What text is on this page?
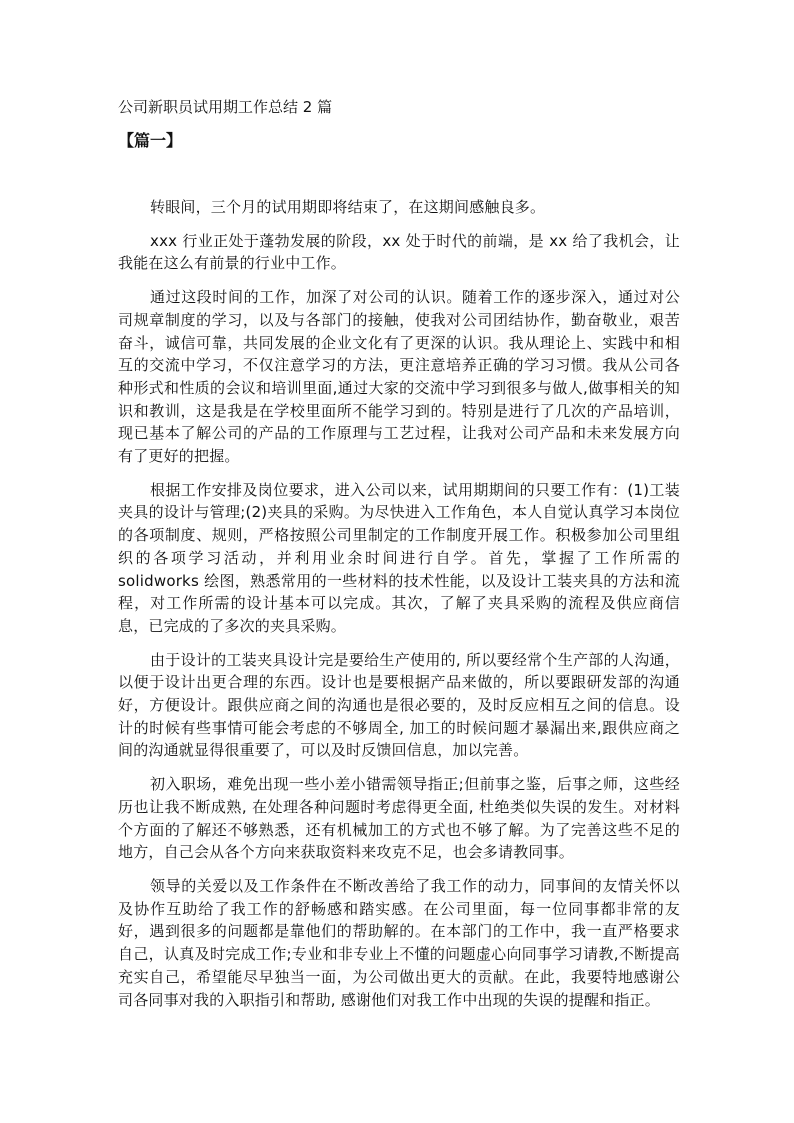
公司新职员试用期工作总结 2 篇
【篇一】

转眼间，三个月的试用期即将结束了，在这期间感触良多。

xxx 行业正处于蓬勃发展的阶段，xx 处于时代的前端，是 xx 给了我机会，让我能在这么有前景的行业中工作。

通过这段时间的工作，加深了对公司的认识。随着工作的逐步深入，通过对公司规章制度的学习，以及与各部门的接触，使我对公司团结协作，勤奋敬业，艰苦奋斗，诚信可靠，共同发展的企业文化有了更深的认识。我从理论上、实践中和相互的交流中学习，不仅注意学习的方法，更注意培养正确的学习习惯。我从公司各种形式和性质的会议和培训里面,通过大家的交流中学习到很多与做人,做事相关的知识和教训，这是我是在学校里面所不能学习到的。特别是进行了几次的产品培训，现已基本了解公司的产品的工作原理与工艺过程，让我对公司产品和未来发展方向有了更好的把握。

根据工作安排及岗位要求，进入公司以来，试用期期间的只要工作有：(1)工装夹具的设计与管理;(2)夹具的采购。为尽快进入工作角色，本人自觉认真学习本岗位的各项制度、规则，严格按照公司里制定的工作制度开展工作。积极参加公司里组织的各项学习活动，并利用业余时间进行自学。首先，掌握了工作所需的 solidworks 绘图，熟悉常用的一些材料的技术性能，以及设计工装夹具的方法和流程，对工作所需的设计基本可以完成。其次，了解了夹具采购的流程及供应商信息，已完成的了多次的夹具采购。

由于设计的工装夹具设计完是要给生产使用的, 所以要经常个生产部的人沟通，以便于设计出更合理的东西。设计也是要根据产品来做的，所以要跟研发部的沟通好，方便设计。跟供应商之间的沟通也是很必要的，及时反应相互之间的信息。设计的时候有些事情可能会考虑的不够周全, 加工的时候问题才暴漏出来,跟供应商之间的沟通就显得很重要了，可以及时反馈回信息，加以完善。

初入职场，难免出现一些小差小错需领导指正;但前事之鉴，后事之师，这些经历也让我不断成熟, 在处理各种问题时考虑得更全面, 杜绝类似失误的发生。对材料个方面的了解还不够熟悉，还有机械加工的方式也不够了解。为了完善这些不足的地方，自己会从各个方向来获取资料来攻克不足，也会多请教同事。

领导的关爱以及工作条件在不断改善给了我工作的动力，同事间的友情关怀以及协作互助给了我工作的舒畅感和踏实感。在公司里面，每一位同事都非常的友好，遇到很多的问题都是靠他们的帮助解的。在本部门的工作中，我一直严格要求自己，认真及时完成工作;专业和非专业上不懂的问题虚心向同事学习请教,不断提高充实自己，希望能尽早独当一面，为公司做出更大的贡献。在此，我要特地感谢公司各同事对我的入职指引和帮助, 感谢他们对我工作中出现的失误的提醒和指正。
